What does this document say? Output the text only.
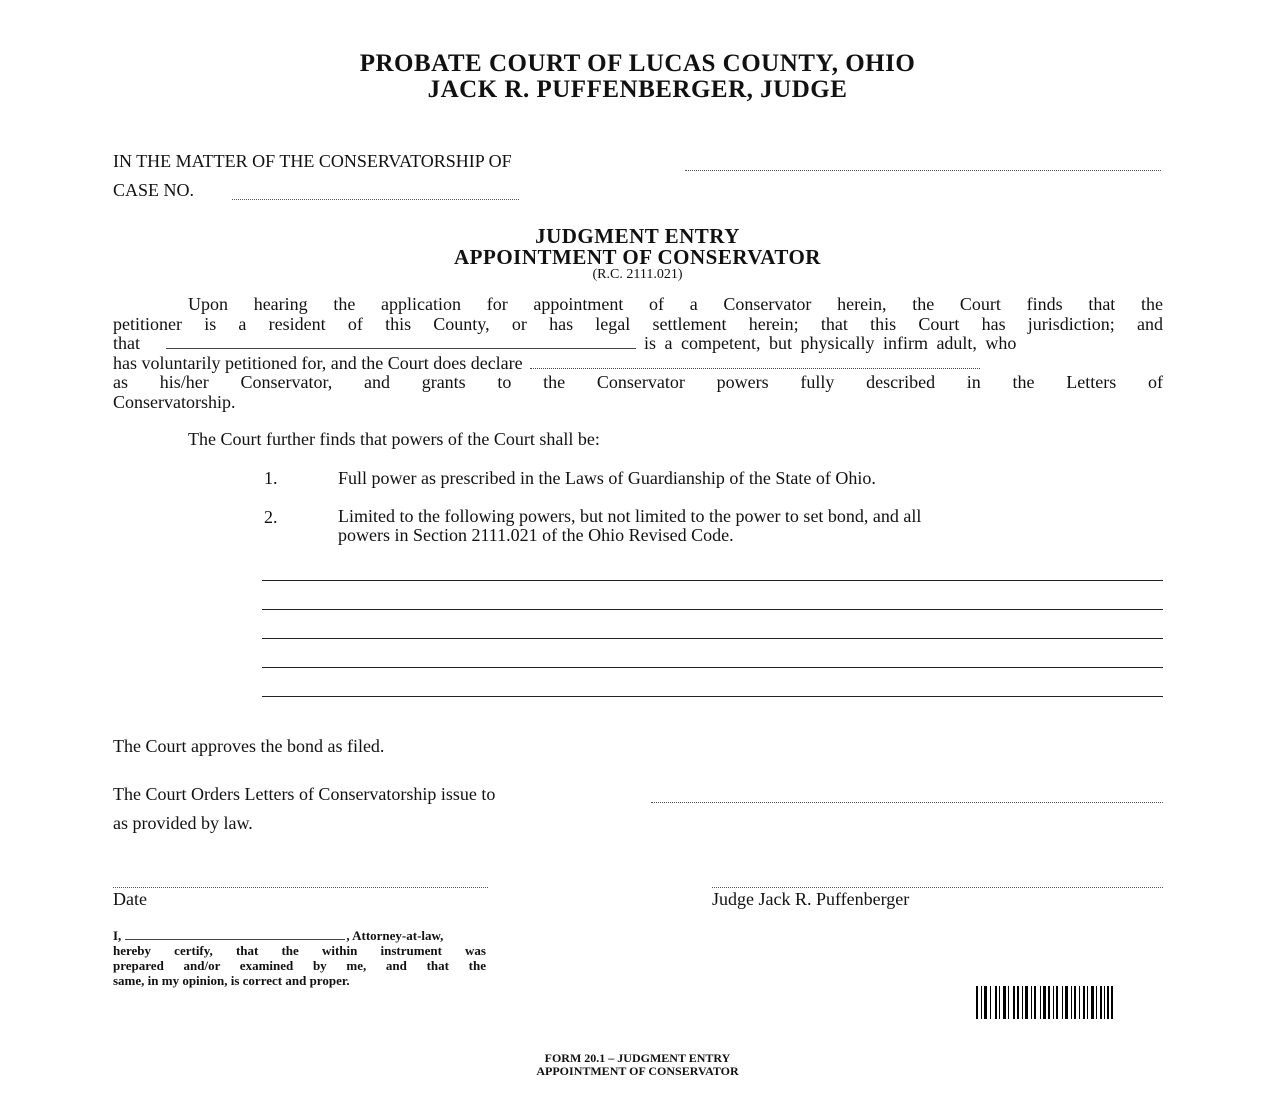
PROBATE COURT OF LUCAS COUNTY, OHIO
JACK R. PUFFENBERGER, JUDGE
IN THE MATTER OF THE CONSERVATORSHIP OF
CASE NO.
JUDGMENT ENTRY
APPOINTMENT OF CONSERVATOR
(R.C. 2111.021)
Upon hearing the application for appointment of a Conservator herein, the Court finds that the
petitioner is a resident of this County, or has legal settlement herein; that this Court has jurisdiction; and
that	is a competent, but physically infirm adult, who
has voluntarily petitioned for, and the Court does declare
as his/her Conservator, and grants to the Conservator powers fully described in the Letters of
Conservatorship.
The Court further finds that powers of the Court shall be:
1.	Full power as prescribed in the Laws of Guardianship of the State of Ohio.
2.	Limited to the following powers, but not limited to the power to set bond, and all
powers in Section 2111.021 of the Ohio Revised Code.
The Court approves the bond as filed.
The Court Orders Letters of Conservatorship issue to
as provided by law.
Date	Judge Jack R. Puffenberger
I,	, Attorney-at-law,
hereby certify, that the within instrument was
prepared and/or examined by me, and that the
same, in my opinion, is correct and proper.
FORM 20.1 – JUDGMENT ENTRY
APPOINTMENT OF CONSERVATOR
